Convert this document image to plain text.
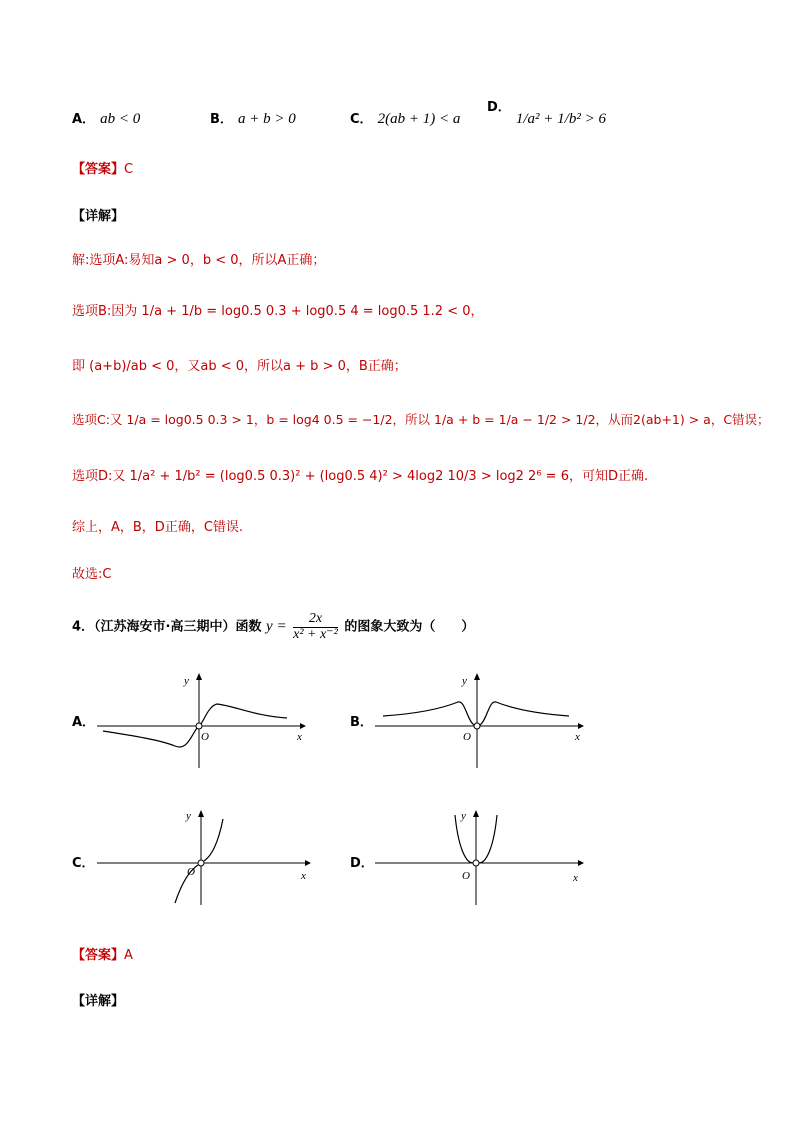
A． ab < 0	B． a + b > 0	C． 2(ab + 1) < a
D． 1/a² + 1/b² > 6
【答案】C
【详解】
解:选项A:易知a > 0，b < 0，所以A正确；
选项B:因为 1/a + 1/b = log0.5 0.3 + log0.5 4 = log0.5 1.2 < 0，
即 (a+b)/ab < 0，又ab < 0，所以a + b > 0，B正确；
选项C:又 1/a = log0.5 0.3 > 1，b = log4 0.5 = −1/2，所以 1/a + b = 1/a − 1/2 > 1/2，从而2(ab+1) > a，C错误；
选项D:又 1/a² + 1/b² = (log0.5 0.3)² + (log0.5 4)² > 4log2 10/3 > log2 2⁶ = 6，可知D正确.
综上，A，B，D正确，C错误.
故选:C
4．（江苏海安市·高三期中）函数 $y = \frac{2x}{\text{x² + x⁻²}}$ 的图象大致为（　　）
A．	B．
C．	D．
y
x
O
y
x
O
y
x
O
y
x
O
【答案】A
【详解】
